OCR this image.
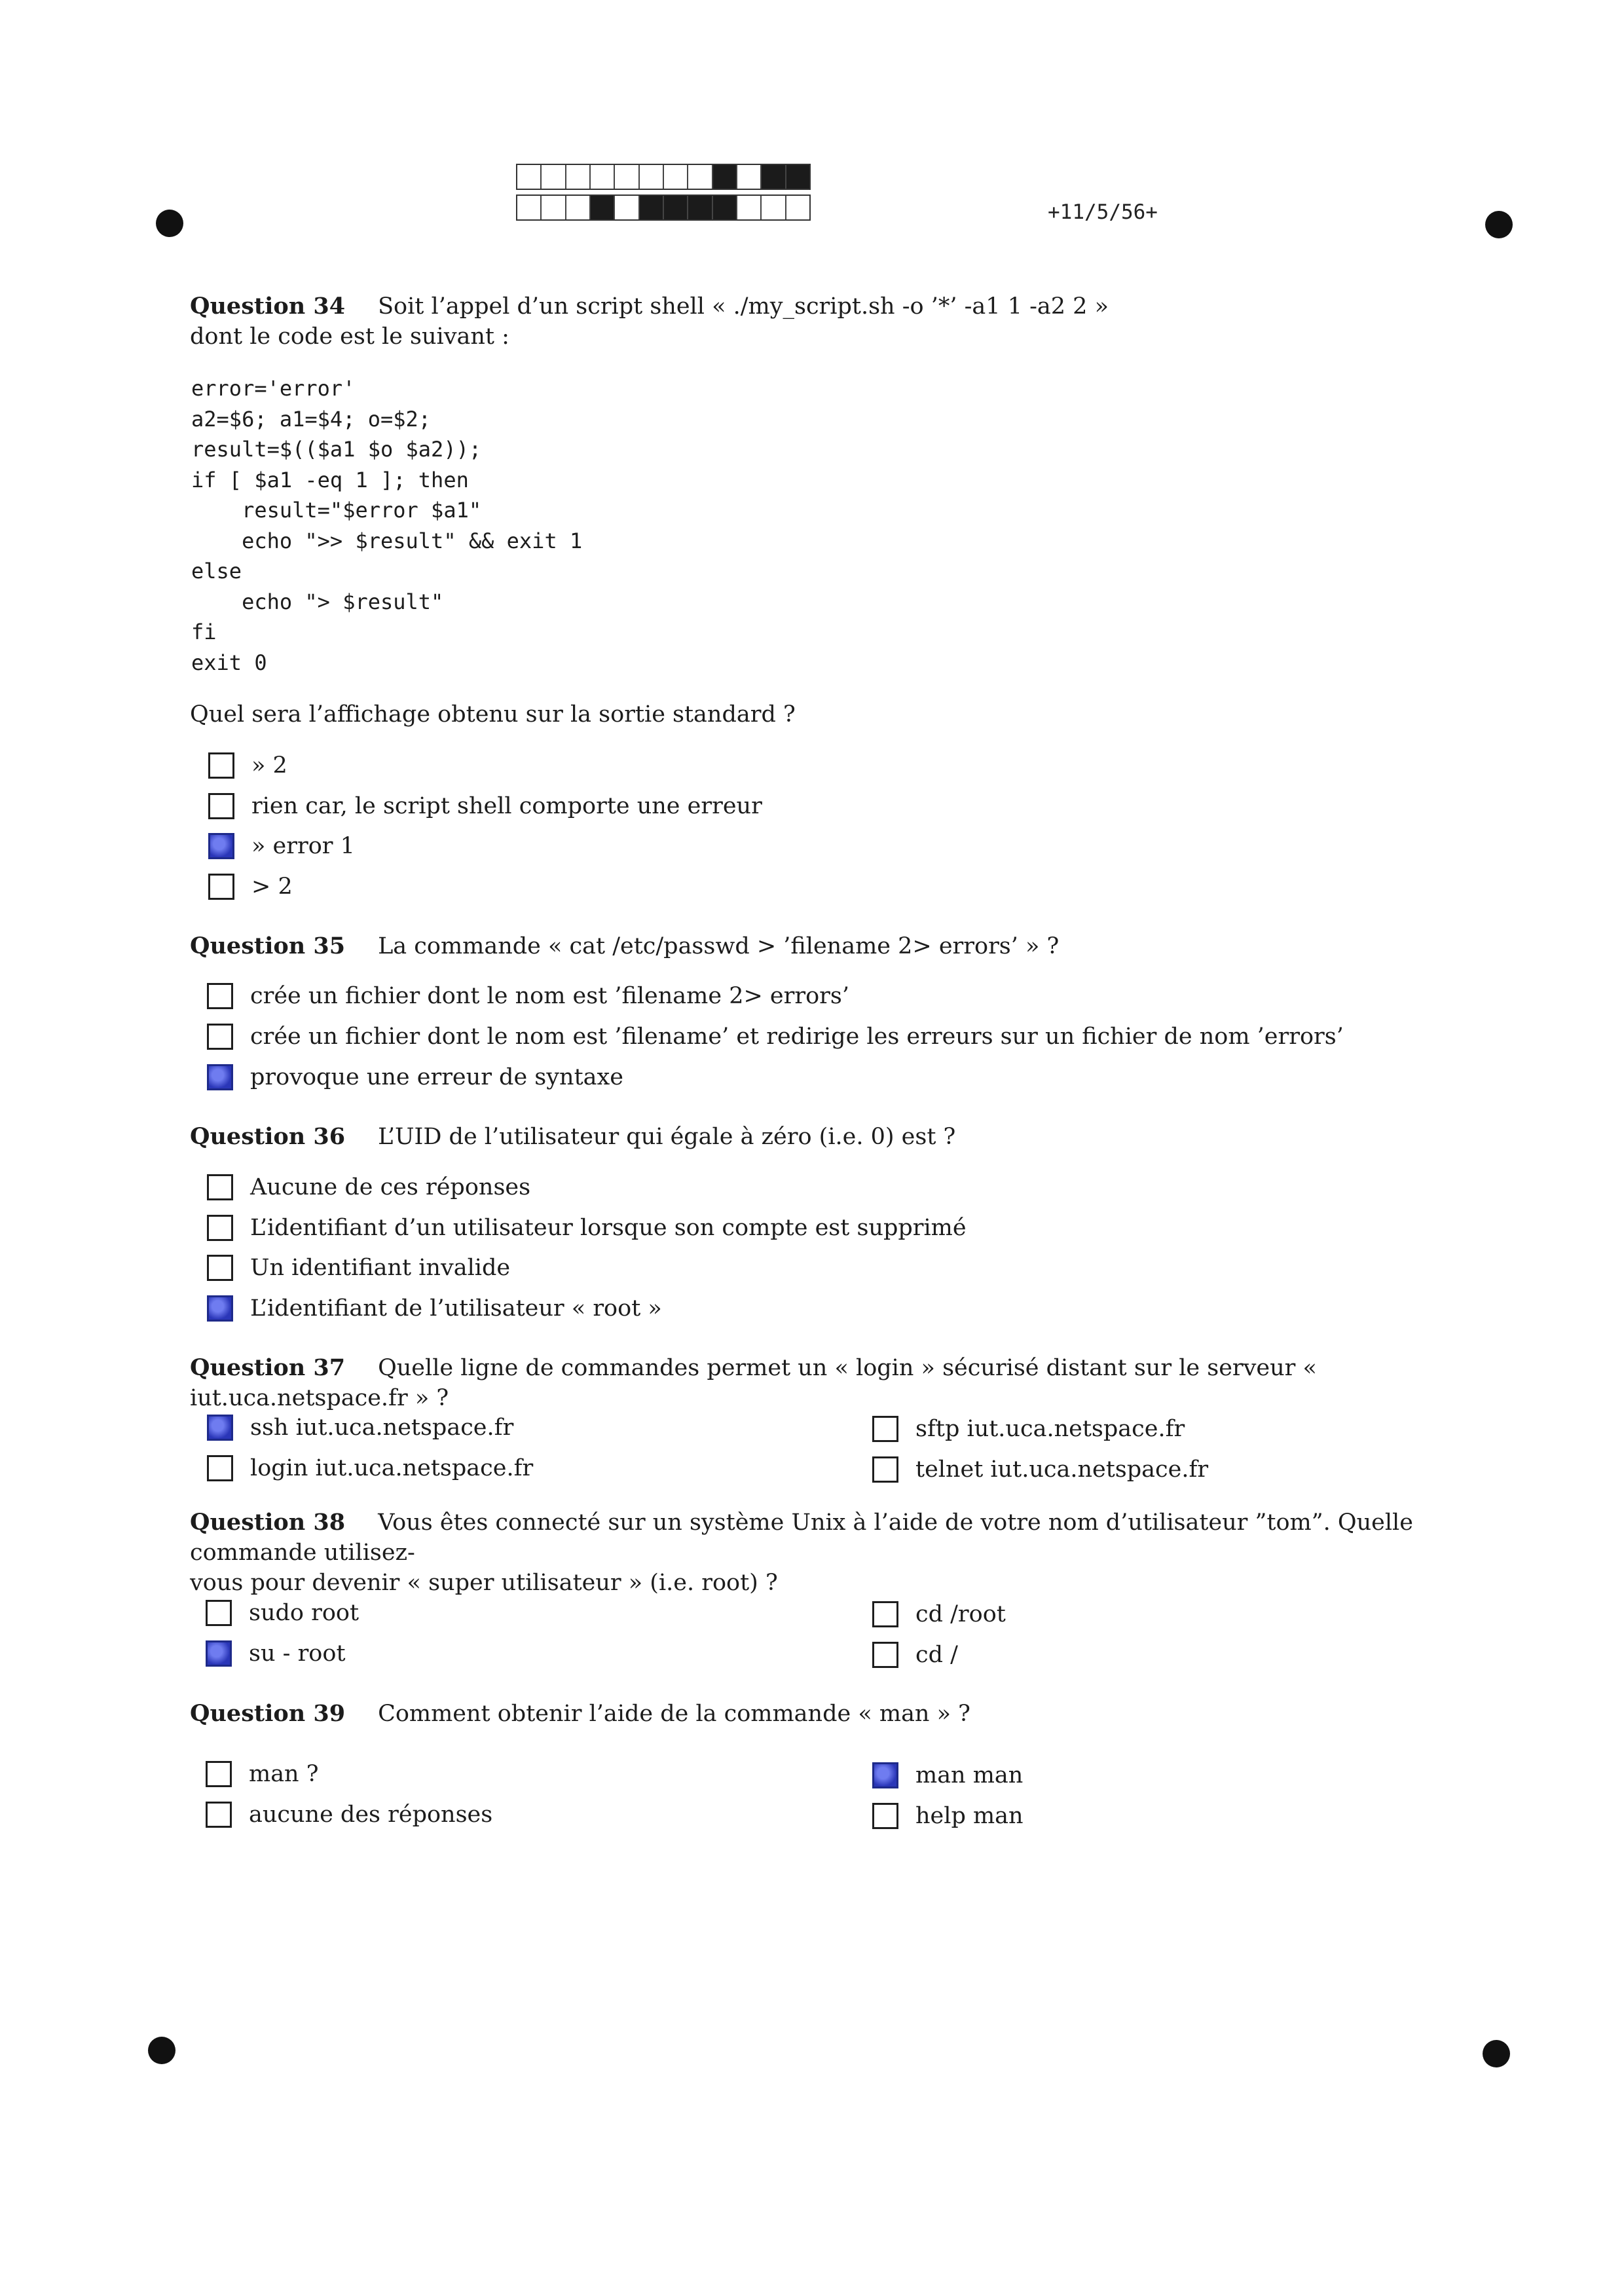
+11/5/56+
Question 34 Soit l’appel d’un script shell « ./my_script.sh -o ’*’ -a1 1 -a2 2 »
dont le code est le suivant :
error='error'
a2=$6; a1=$4; o=$2;
result=$(($a1 $o $a2));
if [ $a1 -eq 1 ]; then
result="$error $a1"
echo ">> $result" && exit 1
else
echo "> $result"
fi
exit 0
Quel sera l’affichage obtenu sur la sortie standard ?
» 2
rien car, le script shell comporte une erreur
» error 1
> 2
Question 35 La commande « cat /etc/passwd > ’filename 2> errors’ » ?
crée un fichier dont le nom est ’filename 2> errors’
crée un fichier dont le nom est ’filename’ et redirige les erreurs sur un fichier de nom ’errors’
provoque une erreur de syntaxe
Question 36 L’UID de l’utilisateur qui égale à zéro (i.e. 0) est ?
Aucune de ces réponses
L’identifiant d’un utilisateur lorsque son compte est supprimé
Un identifiant invalide
L’identifiant de l’utilisateur « root »
Question 37 Quelle ligne de commandes permet un « login » sécurisé distant sur le serveur « iut.uca.netspace.fr » ?
ssh iut.uca.netspace.fr
login iut.uca.netspace.fr
sftp iut.uca.netspace.fr
telnet iut.uca.netspace.fr
Question 38 Vous êtes connecté sur un système Unix à l’aide de votre nom d’utilisateur ”tom”. Quelle commande utilisez-
vous pour devenir « super utilisateur » (i.e. root) ?
sudo root
su - root
cd /root
cd /
Question 39 Comment obtenir l’aide de la commande « man » ?
man ?
aucune des réponses
man man
help man
